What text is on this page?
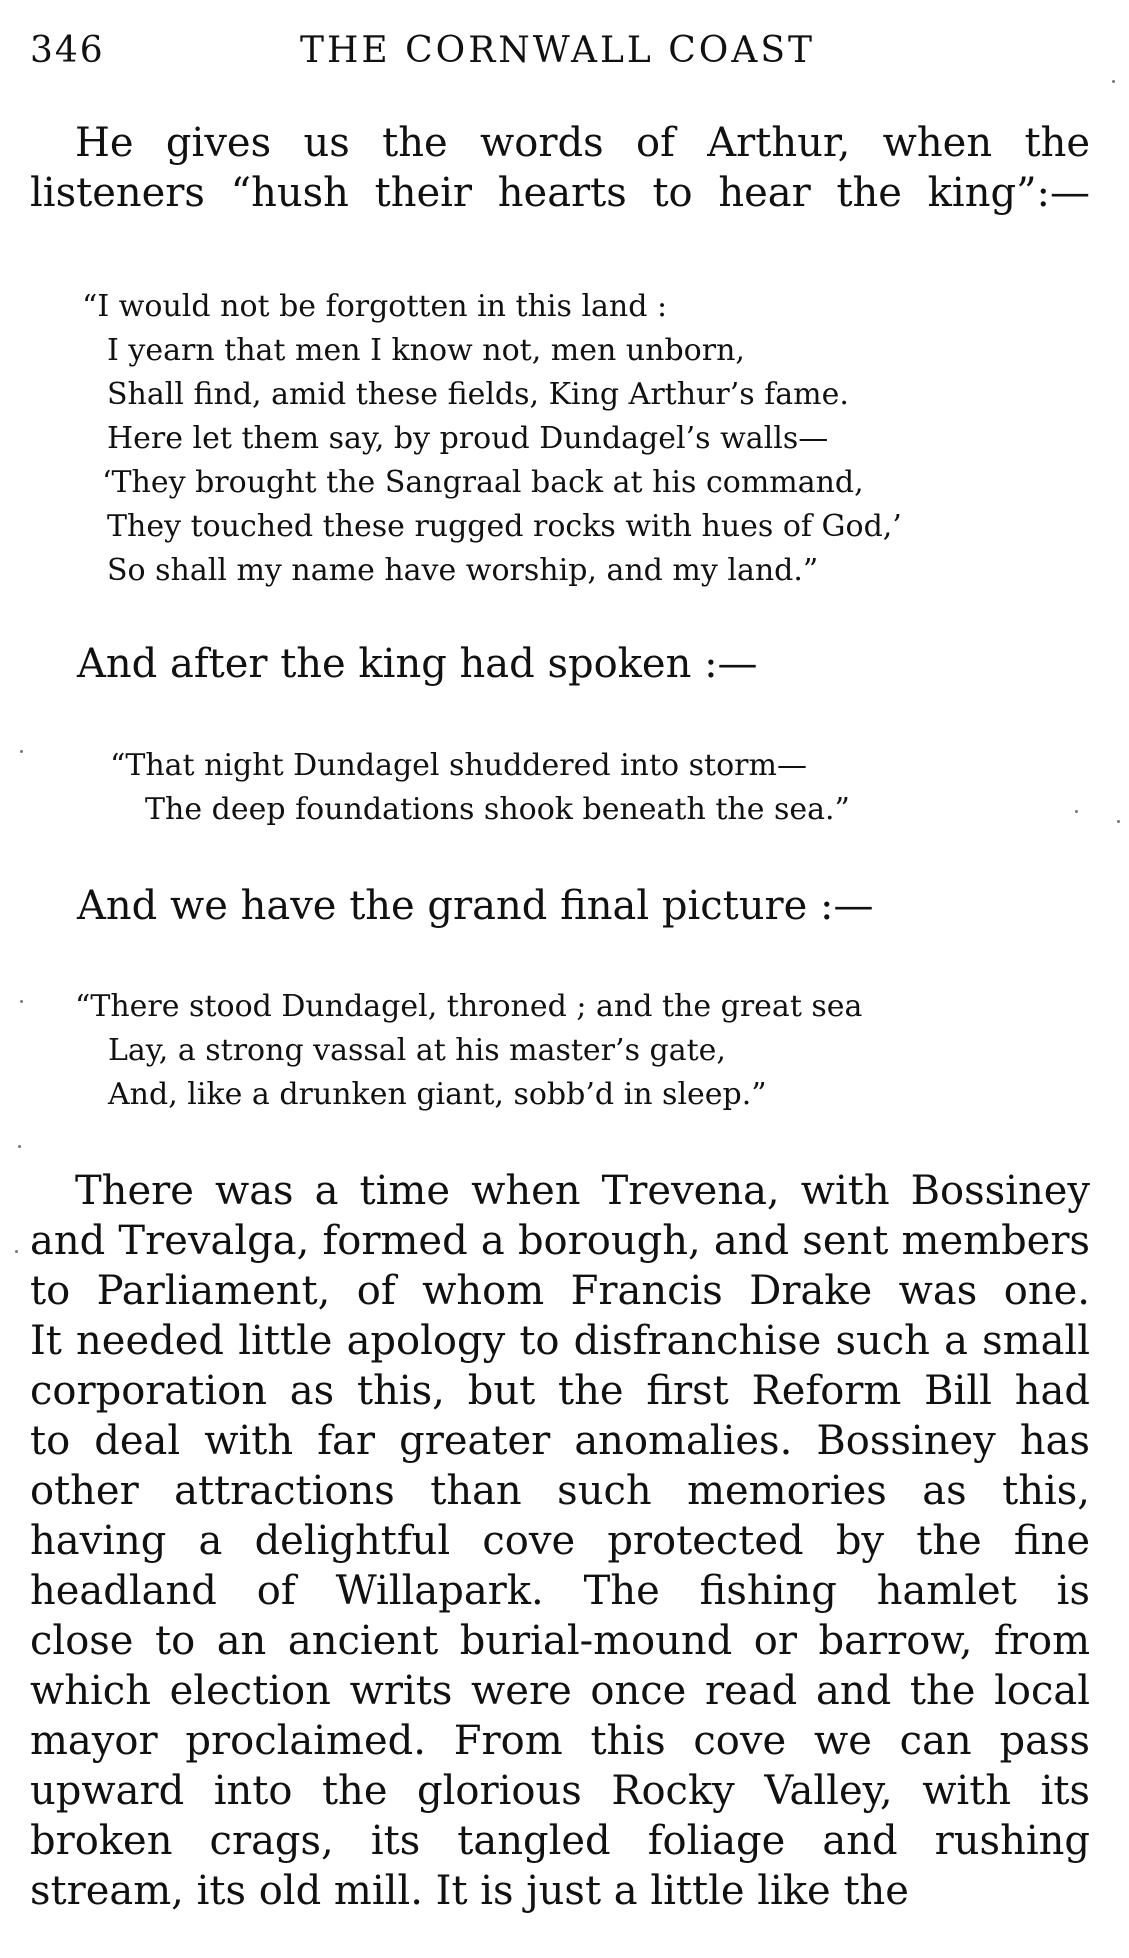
346	THE CORNWALL COAST
He gives us the words of Arthur, when the
listeners “hush their hearts to hear the king”:—
“I would not be forgotten in this land :
I yearn that men I know not, men unborn,
Shall find, amid these fields, King Arthur’s fame.
Here let them say, by proud Dundagel’s walls—
‘They brought the Sangraal back at his command,
They touched these rugged rocks with hues of God,’
So shall my name have worship, and my land.”
And after the king had spoken :—
“That night Dundagel shuddered into storm—
The deep foundations shook beneath the sea.”
And we have the grand final picture :—
“There stood Dundagel, throned ; and the great sea
Lay, a strong vassal at his master’s gate,
And, like a drunken giant, sobb’d in sleep.”
There was a time when Trevena, with Bossiney
and Trevalga, formed a borough, and sent members
to Parliament, of whom Francis Drake was one.
It needed little apology to disfranchise such a small
corporation as this, but the first Reform Bill had
to deal with far greater anomalies. Bossiney has
other attractions than such memories as this,
having a delightful cove protected by the fine
headland of Willapark. The fishing hamlet is
close to an ancient burial-mound or barrow, from
which election writs were once read and the local
mayor proclaimed. From this cove we can pass
upward into the glorious Rocky Valley, with its
broken crags, its tangled foliage and rushing
stream, its old mill. It is just a little like the
